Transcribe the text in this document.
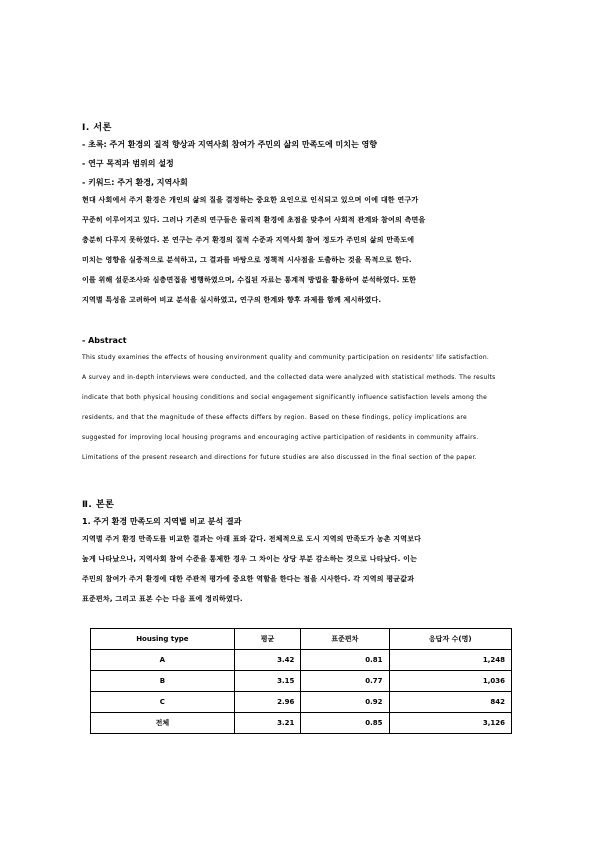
Ⅰ. 서론
- 초록: 주거 환경의 질적 향상과 지역사회 참여가 주민의 삶의 만족도에 미치는 영향
- 연구 목적과 범위의 설정
- 키워드: 주거 환경, 지역사회
현대 사회에서 주거 환경은 개인의 삶의 질을 결정하는 중요한 요인으로 인식되고 있으며 이에 대한 연구가
꾸준히 이루어지고 있다. 그러나 기존의 연구들은 물리적 환경에 초점을 맞추어 사회적 관계와 참여의 측면을
충분히 다루지 못하였다. 본 연구는 주거 환경의 질적 수준과 지역사회 참여 정도가 주민의 삶의 만족도에
미치는 영향을 실증적으로 분석하고, 그 결과를 바탕으로 정책적 시사점을 도출하는 것을 목적으로 한다.
이를 위해 설문조사와 심층면접을 병행하였으며, 수집된 자료는 통계적 방법을 활용하여 분석하였다. 또한
지역별 특성을 고려하여 비교 분석을 실시하였고, 연구의 한계와 향후 과제를 함께 제시하였다.
- Abstract
This study examines the effects of housing environment quality and community participation on residents' life satisfaction.
A survey and in-depth interviews were conducted, and the collected data were analyzed with statistical methods. The results
indicate that both physical housing conditions and social engagement significantly influence satisfaction levels among the
residents, and that the magnitude of these effects differs by region. Based on these findings, policy implications are
suggested for improving local housing programs and encouraging active participation of residents in community affairs.
Limitations of the present research and directions for future studies are also discussed in the final section of the paper.
Ⅱ. 본론
1. 주거 환경 만족도의 지역별 비교 분석 결과
지역별 주거 환경 만족도를 비교한 결과는 아래 표와 같다. 전체적으로 도시 지역의 만족도가 농촌 지역보다
높게 나타났으나, 지역사회 참여 수준을 통제한 경우 그 차이는 상당 부분 감소하는 것으로 나타났다. 이는
주민의 참여가 주거 환경에 대한 주관적 평가에 중요한 역할을 한다는 점을 시사한다. 각 지역의 평균값과
표준편차, 그리고 표본 수는 다음 표에 정리하였다.
Housing type	평균	표준편차	응답자 수(명)
A	3.42	0.81	1,248
B	3.15	0.77	1,036
C	2.96	0.92	842
전체	3.21	0.85	3,126
